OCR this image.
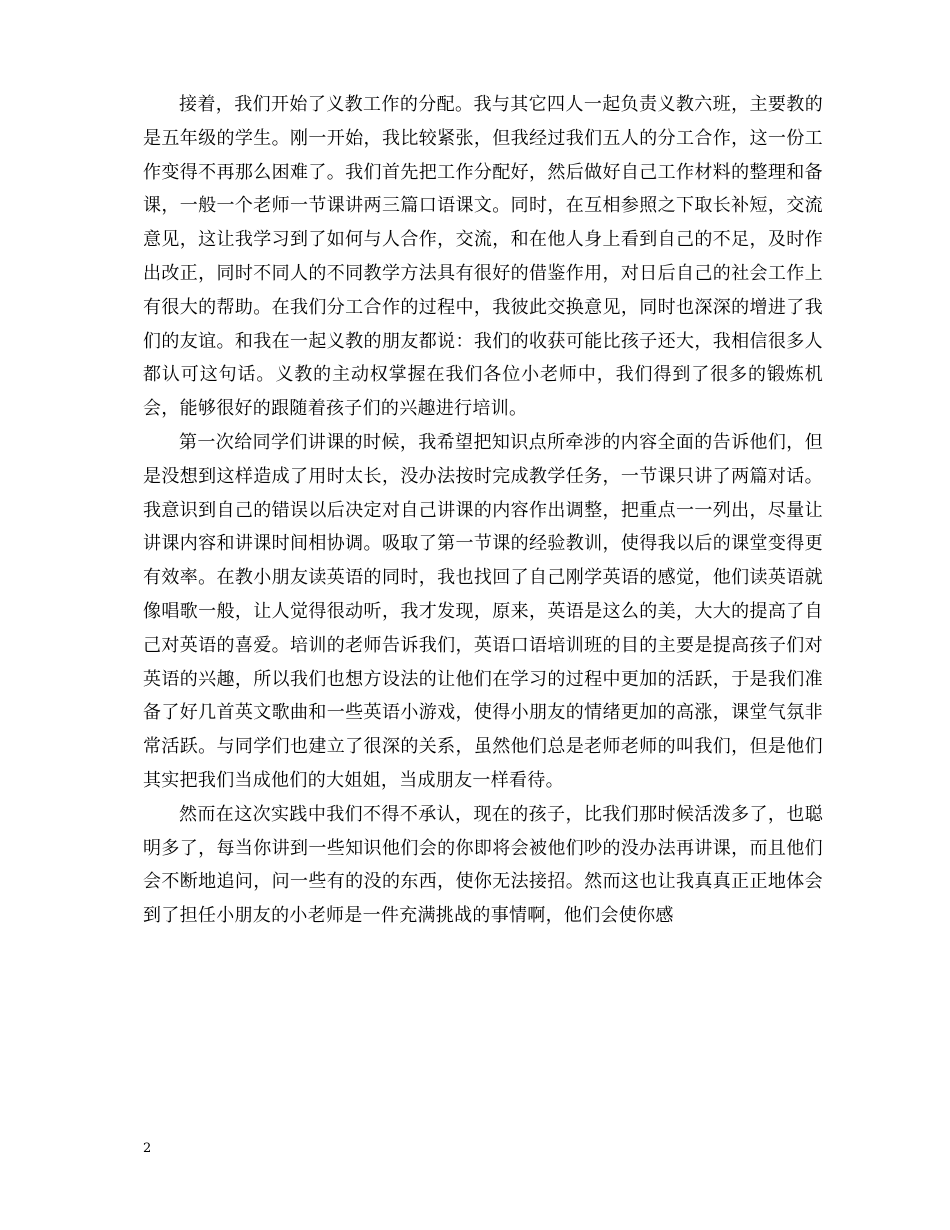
接着，我们开始了义教工作的分配。我与其它四人一起负责义教六班，主要教的是五年级的学生。刚一开始，我比较紧张，但我经过我们五人的分工合作，这一份工作变得不再那么困难了。我们首先把工作分配好，然后做好自己工作材料的整理和备课，一般一个老师一节课讲两三篇口语课文。同时，在互相参照之下取长补短，交流意见，这让我学习到了如何与人合作，交流，和在他人身上看到自己的不足，及时作出改正，同时不同人的不同教学方法具有很好的借鉴作用，对日后自己的社会工作上有很大的帮助。在我们分工合作的过程中，我彼此交换意见，同时也深深的增进了我们的友谊。和我在一起义教的朋友都说：我们的收获可能比孩子还大，我相信很多人都认可这句话。义教的主动权掌握在我们各位小老师中，我们得到了很多的锻炼机会，能够很好的跟随着孩子们的兴趣进行培训。

第一次给同学们讲课的时候，我希望把知识点所牵涉的内容全面的告诉他们，但是没想到这样造成了用时太长，没办法按时完成教学任务，一节课只讲了两篇对话。我意识到自己的错误以后决定对自己讲课的内容作出调整，把重点一一列出，尽量让讲课内容和讲课时间相协调。吸取了第一节课的经验教训，使得我以后的课堂变得更有效率。在教小朋友读英语的同时，我也找回了自己刚学英语的感觉，他们读英语就像唱歌一般，让人觉得很动听，我才发现，原来，英语是这么的美，大大的提高了自己对英语的喜爱。培训的老师告诉我们，英语口语培训班的目的主要是提高孩子们对英语的兴趣，所以我们也想方设法的让他们在学习的过程中更加的活跃，于是我们准备了好几首英文歌曲和一些英语小游戏，使得小朋友的情绪更加的高涨，课堂气氛非常活跃。与同学们也建立了很深的关系，虽然他们总是老师老师的叫我们，但是他们其实把我们当成他们的大姐姐，当成朋友一样看待。

然而在这次实践中我们不得不承认，现在的孩子，比我们那时候活泼多了，也聪明多了，每当你讲到一些知识他们会的你即将会被他们吵的没办法再讲课，而且他们会不断地追问，问一些有的没的东西，使你无法接招。然而这也让我真真正正地体会到了担任小朋友的小老师是一件充满挑战的事情啊，他们会使你感

2
